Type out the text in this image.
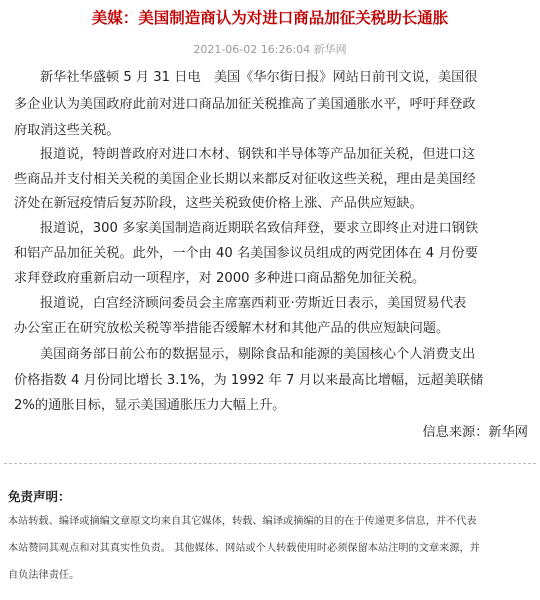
美媒：美国制造商认为对进口商品加征关税助长通胀
2021-06-02 16:26:04 新华网
新华社华盛顿 5 月 31 日电　美国《华尔街日报》网站日前刊文说，美国很
多企业认为美国政府此前对进口商品加征关税推高了美国通胀水平，呼吁拜登政
府取消这些关税。
报道说，特朗普政府对进口木材、钢铁和半导体等产品加征关税，但进口这
些商品并支付相关关税的美国企业长期以来都反对征收这些关税，理由是美国经
济处在新冠疫情后复苏阶段，这些关税致使价格上涨、产品供应短缺。
报道说，300 多家美国制造商近期联名致信拜登，要求立即终止对进口钢铁
和铝产品加征关税。此外，一个由 40 名美国参议员组成的两党团体在 4 月份要
求拜登政府重新启动一项程序，对 2000 多种进口商品豁免加征关税。
报道说，白宫经济顾问委员会主席塞西莉亚·劳斯近日表示，美国贸易代表
办公室正在研究放松关税等举措能否缓解木材和其他产品的供应短缺问题。
美国商务部日前公布的数据显示，剔除食品和能源的美国核心个人消费支出
价格指数 4 月份同比增长 3.1%，为 1992 年 7 月以来最高比增幅，远超美联储
2%的通胀目标，显示美国通胀压力大幅上升。
信息来源：新华网
免责声明：
本站转载、编译或摘编文章原文均来自其它媒体，转载、编译或摘编的目的在于传递更多信息，并不代表
本站赞同其观点和对其真实性负责。 其他媒体、网站或个人转载使用时必须保留本站注明的文章来源，并
自负法律责任。
